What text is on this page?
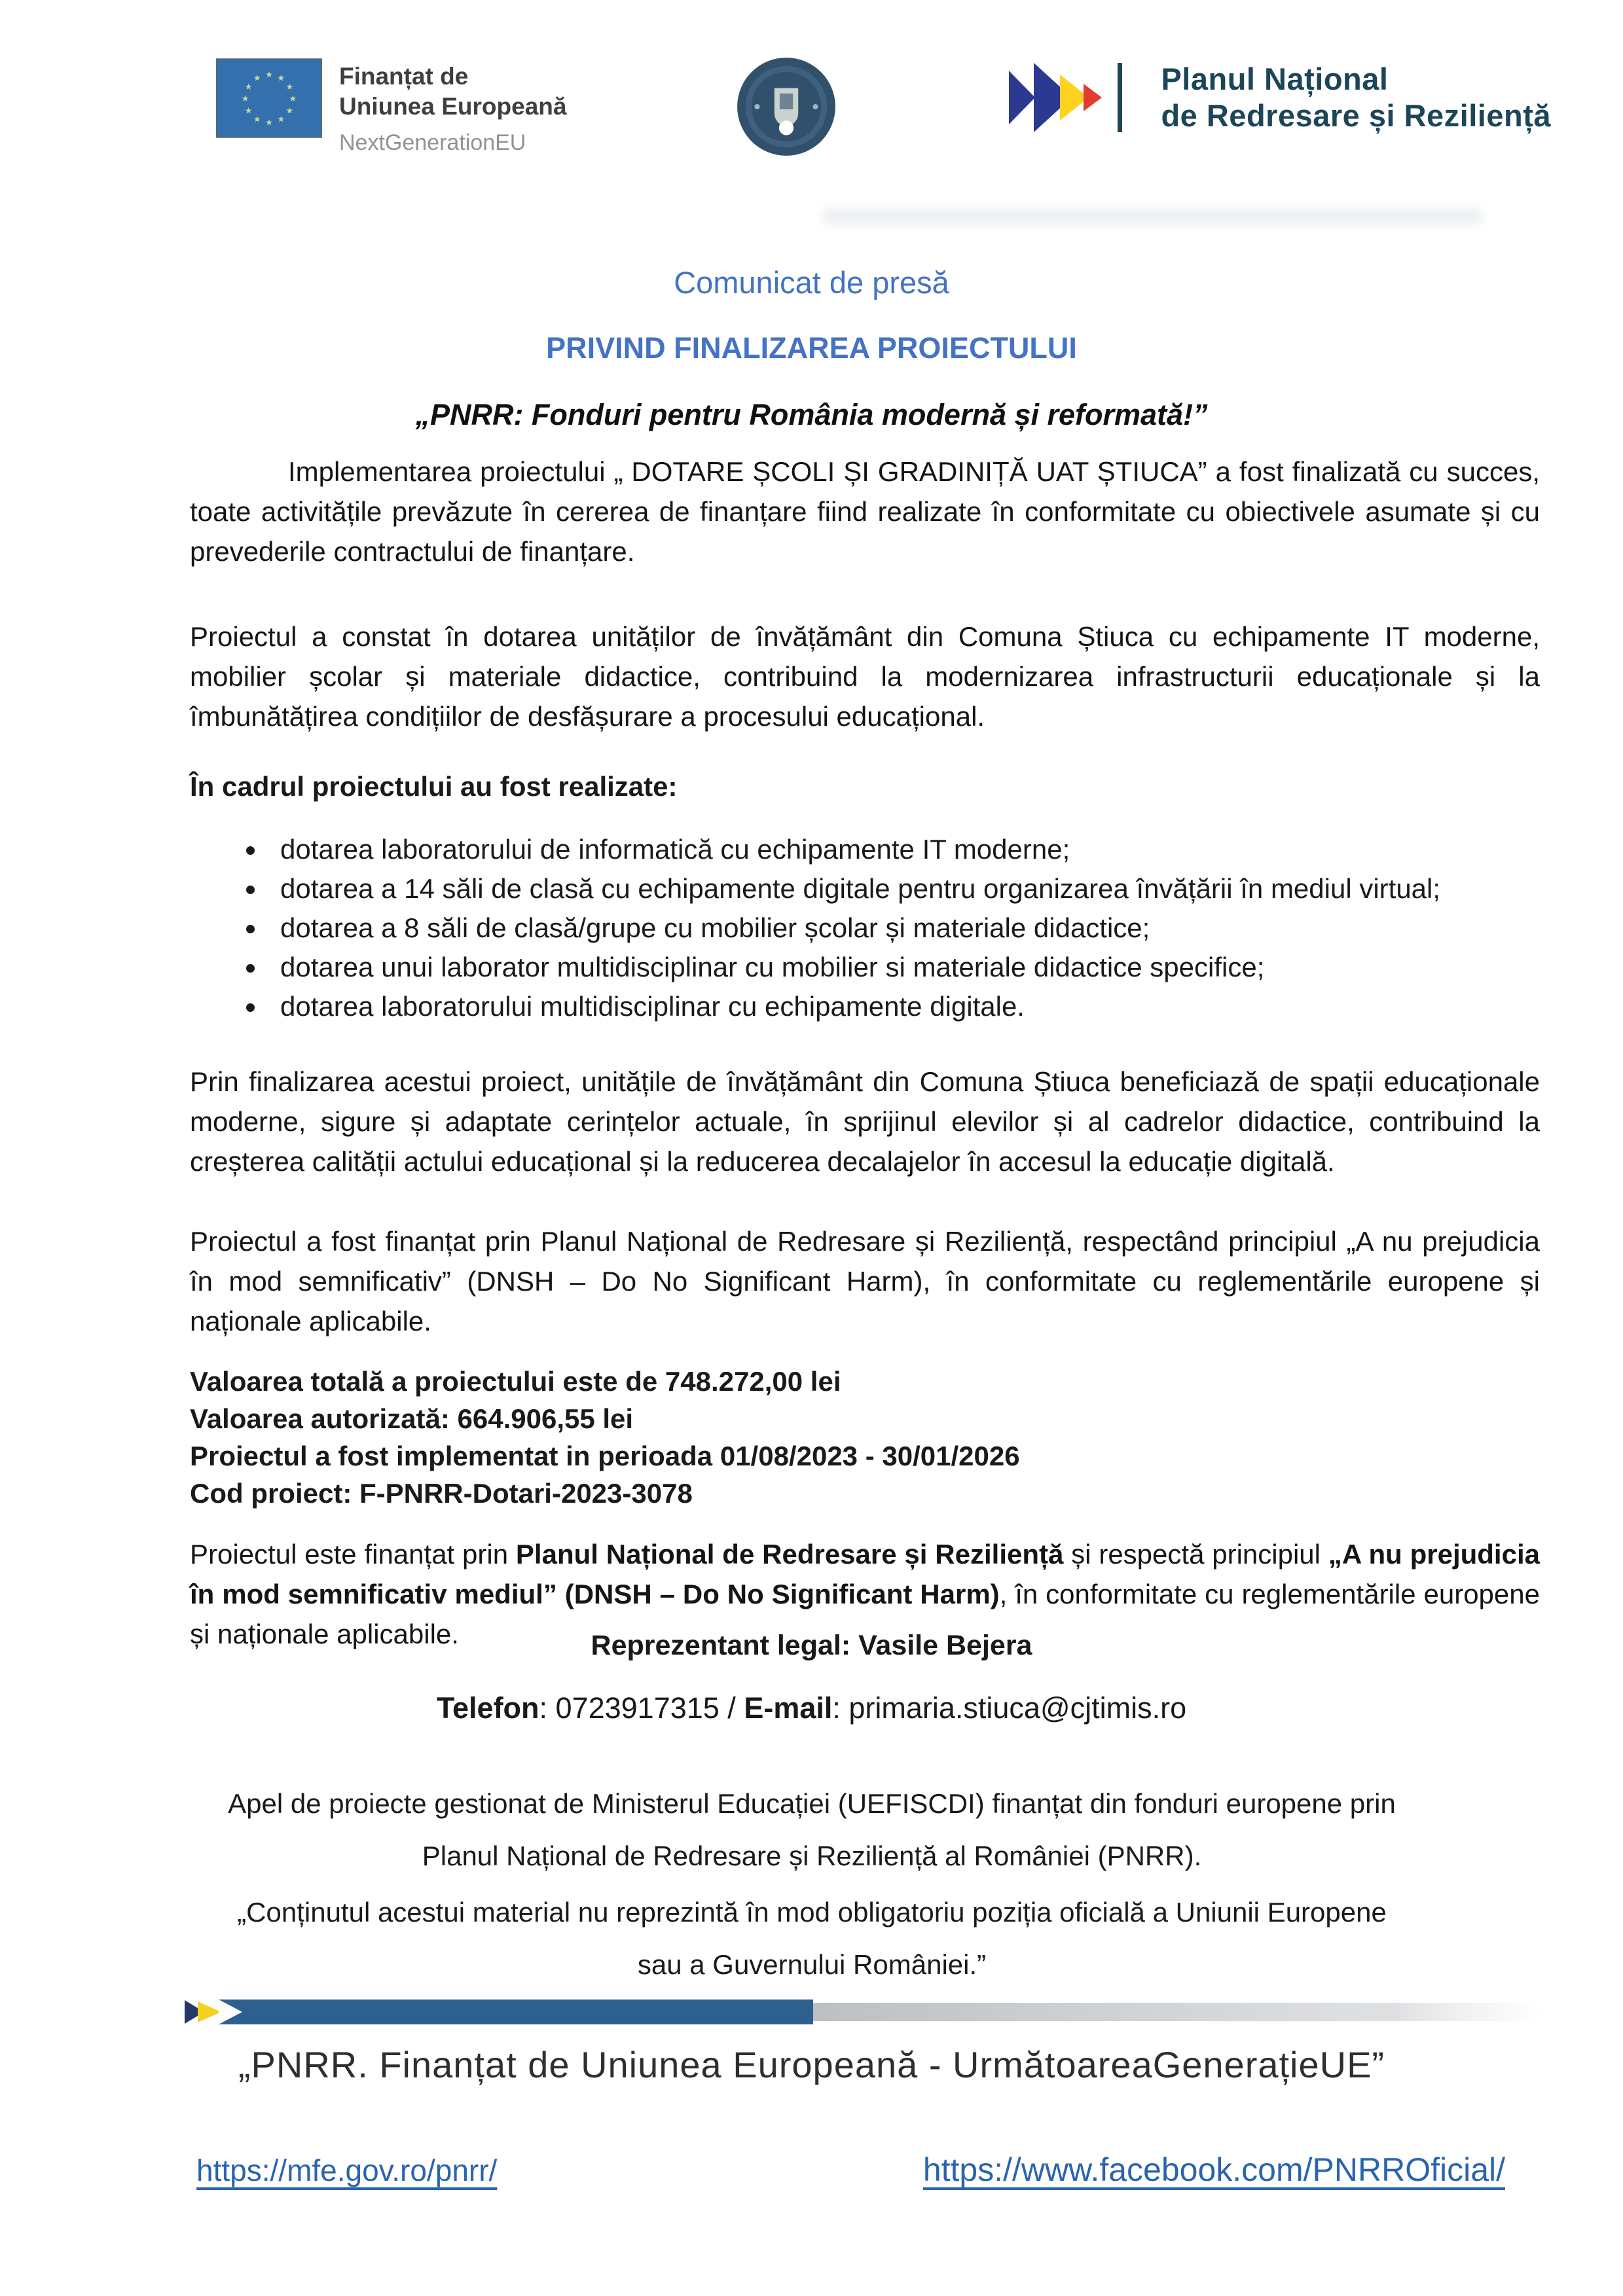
★ ★
★
★
★
★
★
★
★
★
★
★	Finanțat de
Uniunea Europeană
NextGenerationEU
Planul Național
de Redresare și Reziliență
Comunicat de presă
PRIVIND FINALIZAREA PROIECTULUI
„PNRR: Fonduri pentru România modernă și reformată!”
Implementarea proiectului „ DOTARE ȘCOLI ȘI GRADINIȚĂ UAT ȘTIUCA” a fost finalizată cu succes, toate activitățile prevăzute în cererea de finanțare fiind realizate în conformitate cu obiectivele asumate și cu prevederile contractului de finanțare.
Proiectul a constat în dotarea unităților de învățământ din Comuna Știuca cu echipamente IT moderne, mobilier școlar și materiale didactice, contribuind la modernizarea infrastructurii educaționale și la îmbunătățirea condițiilor de desfășurare a procesului educațional.
În cadrul proiectului au fost realizate:
• dotarea laboratorului de informatică cu echipamente IT moderne;
• dotarea a 14 săli de clasă cu echipamente digitale pentru organizarea învățării în mediul virtual;
• dotarea a 8 săli de clasă/grupe cu mobilier școlar și materiale didactice;
• dotarea unui laborator multidisciplinar cu mobilier si materiale didactice specifice;
• dotarea laboratorului multidisciplinar cu echipamente digitale.
Prin finalizarea acestui proiect, unitățile de învățământ din Comuna Știuca beneficiază de spații educaționale moderne, sigure și adaptate cerințelor actuale, în sprijinul elevilor și al cadrelor didactice, contribuind la creșterea calității actului educațional și la reducerea decalajelor în accesul la educație digitală.
Proiectul a fost finanțat prin Planul Național de Redresare și Reziliență, respectând principiul „A nu prejudicia în mod semnificativ” (DNSH – Do No Significant Harm), în conformitate cu reglementările europene și naționale aplicabile.
Valoarea totală a proiectului este de 748.272,00 lei
Valoarea autorizată: 664.906,55 lei
Proiectul a fost implementat in perioada 01/08/2023 - 30/01/2026
Cod proiect: F-PNRR-Dotari-2023-3078
Proiectul este finanțat prin Planul Național de Redresare și Reziliență și respectă principiul „A nu prejudicia în mod semnificativ mediul” (DNSH – Do No Significant Harm), în conformitate cu reglementările europene și naționale aplicabile.	Reprezentant legal: Vasile Bejera
Telefon: 0723917315 / E-mail: primaria.stiuca@cjtimis.ro
Apel de proiecte gestionat de Ministerul Educației (UEFISCDI) finanțat din fonduri europene prin Planul Național de Redresare și Reziliență al României (PNRR).
„Conținutul acestui material nu reprezintă în mod obligatoriu poziția oficială a Uniunii Europene sau a Guvernului României.”
„PNRR. Finanțat de Uniunea Europeană - UrmătoareaGenerațieUE”
https://mfe.gov.ro/pnrr/	https://www.facebook.com/PNRROficial/
